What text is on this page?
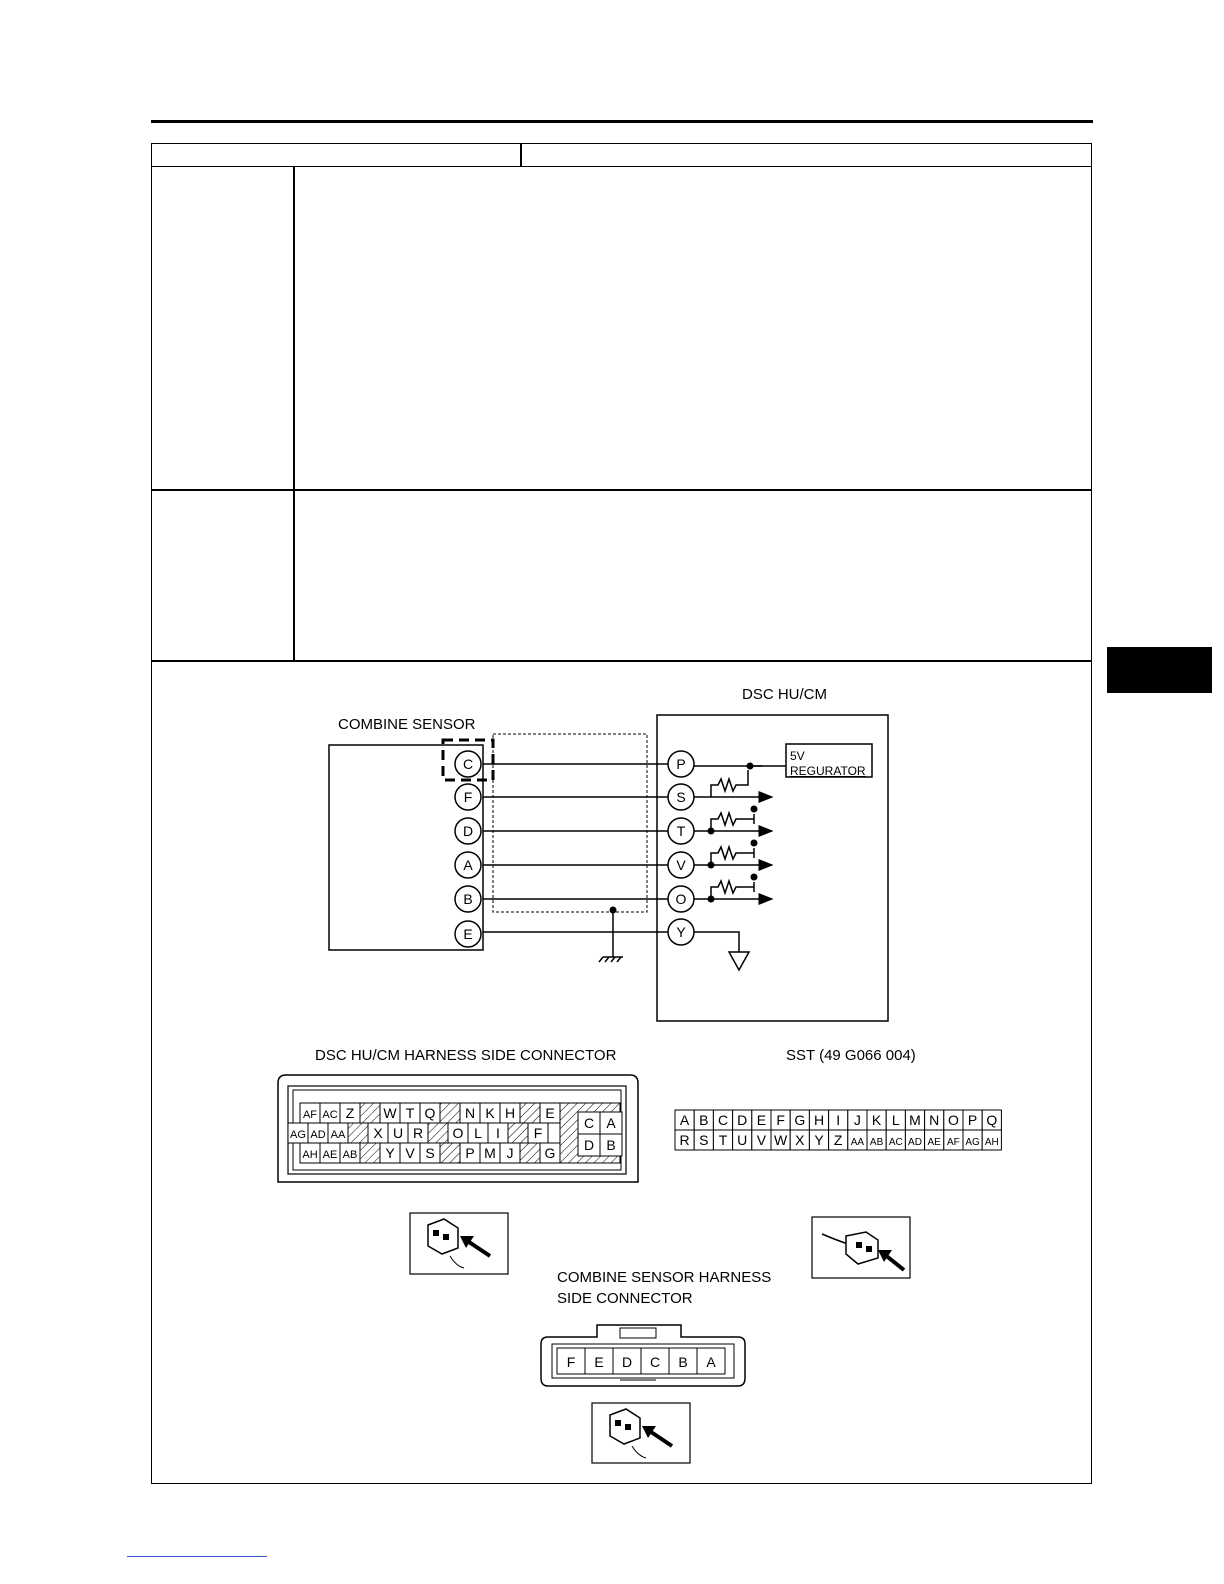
DSC HU/CM
COMBINE SENSOR
5V
REGURATOR
C
F
D
A
B
E
P
S
T
V
O
Y
DSC HU/CM HARNESS SIDE CONNECTOR
AF AC Z W T Q N K H E
AG AD AA X U R O L I F
AH AE AB Y V S P M J G
C A
D B
SST (49 G066 004)
A B C D E F G H I J K L M N O P Q
R S T U V W X Y Z AA AB AC AD AE AF AG AH
COMBINE SENSOR HARNESS
SIDE CONNECTOR
F E D C B A
